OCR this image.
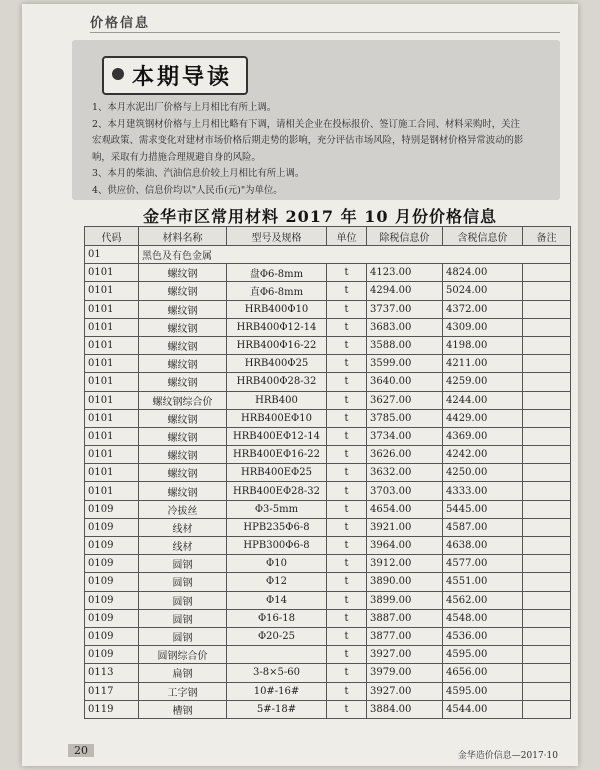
价格信息
本期导读
1、本月水泥出厂价格与上月相比有所上调。
2、本月建筑钢材价格与上月相比略有下调，请相关企业在投标报价、签订施工合同、材料采购时，关注
宏观政策、需求变化对建材市场价格后期走势的影响，充分评估市场风险，特别是钢材价格异常波动的影
响，采取有力措施合理规避自身的风险。
3、本月的柴油、汽油信息价较上月相比有所上调。
4、供应价、信息价均以"人民币(元)"为单位。
金华市区常用材料 2017 年 10 月份价格信息
代码	材料名称	型号及规格	单位	除税信息价	含税信息价	备注
01	黑色及有色金属					
0101	螺纹钢	盘Φ6-8mm	t	4123.00	4824.00	
0101	螺纹钢	直Φ6-8mm	t	4294.00	5024.00	
0101	螺纹钢	HRB400Φ10	t	3737.00	4372.00	
0101	螺纹钢	HRB400Φ12-14	t	3683.00	4309.00	
0101	螺纹钢	HRB400Φ16-22	t	3588.00	4198.00	
0101	螺纹钢	HRB400Φ25	t	3599.00	4211.00	
0101	螺纹钢	HRB400Φ28-32	t	3640.00	4259.00	
0101	螺纹钢综合价	HRB400	t	3627.00	4244.00	
0101	螺纹钢	HRB400EΦ10	t	3785.00	4429.00	
0101	螺纹钢	HRB400EΦ12-14	t	3734.00	4369.00	
0101	螺纹钢	HRB400EΦ16-22	t	3626.00	4242.00	
0101	螺纹钢	HRB400EΦ25	t	3632.00	4250.00	
0101	螺纹钢	HRB400EΦ28-32	t	3703.00	4333.00	
0109	冷拔丝	Φ3-5mm	t	4654.00	5445.00	
0109	线材	HPB235Φ6-8	t	3921.00	4587.00	
0109	线材	HPB300Φ6-8	t	3964.00	4638.00	
0109	圆钢	Φ10	t	3912.00	4577.00	
0109	圆钢	Φ12	t	3890.00	4551.00	
0109	圆钢	Φ14	t	3899.00	4562.00	
0109	圆钢	Φ16-18	t	3887.00	4548.00	
0109	圆钢	Φ20-25	t	3877.00	4536.00	
0109	圆钢综合价		t	3927.00	4595.00	
0113	扁钢	3-8×5-60	t	3979.00	4656.00	
0117	工字钢	10#-16#	t	3927.00	4595.00	
0119	槽钢	5#-18#	t	3884.00	4544.00	
20	金华造价信息—2017·10
